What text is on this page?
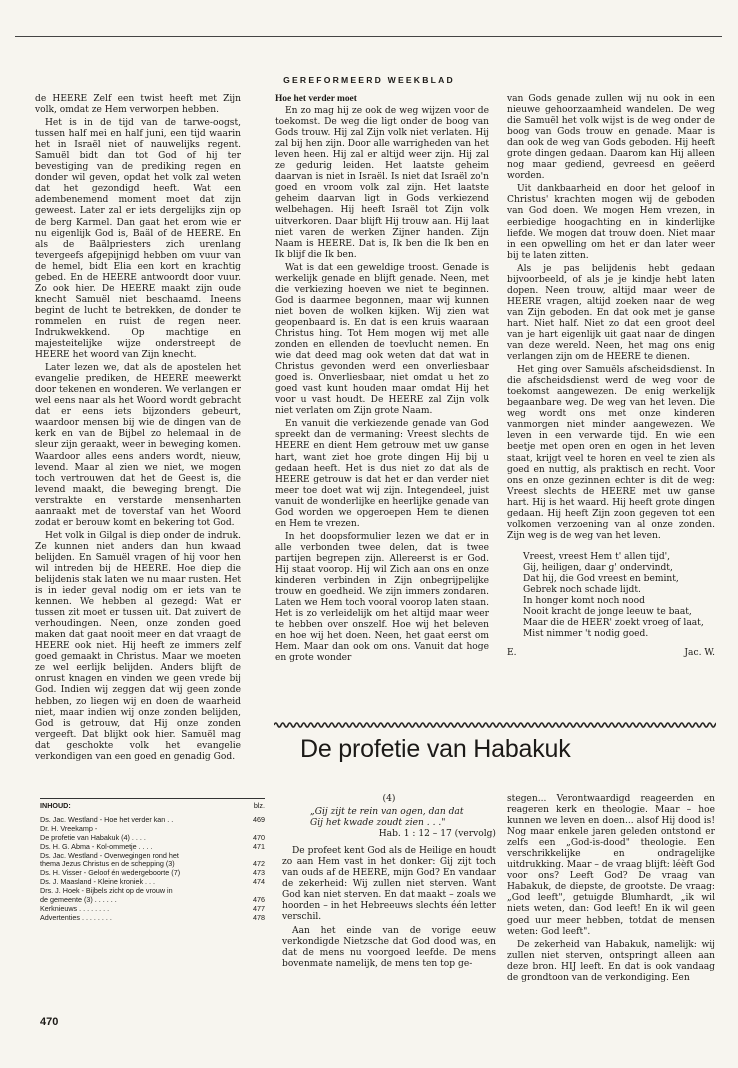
GEREFORMEERD WEEKBLAD

de HEERE Zelf een twist heeft met Zijn volk, omdat ze Hem verworpen hebben.

Het is in de tijd van de tarwe-oogst, tussen half mei en half juni, een tijd waarin het in Israël niet of nauwelijks regent. Samuël bidt dan tot God of hij ter bevestiging van de prediking regen en donder wil geven, opdat het volk zal weten dat het gezondigd heeft. Wat een adembenemend moment moet dat zijn geweest. Later zal er iets dergelijks zijn op de berg Karmel. Dan gaat het erom wie er nu eigenlijk God is, Baäl of de HEERE. En als de Baälpriesters zich urenlang tevergeefs afgepijnigd hebben om vuur van de hemel, bidt Elia een kort en krachtig gebed. En de HEERE antwoordt door vuur. Zo ook hier. De HEERE maakt zijn oude knecht Samuël niet beschaamd. Ineens begint de lucht te betrekken, de donder te rommelen en ruist de regen neer. Indrukwekkend. Op machtige en majesteitelijke wijze onderstreept de HEERE het woord van Zijn knecht.

Later lezen we, dat als de apostelen het evangelie prediken, de HEERE meewerkt door tekenen en wonderen. We verlangen er wel eens naar als het Woord wordt gebracht dat er eens iets bijzonders gebeurt, waardoor mensen bij wie de dingen van de kerk en van de Bijbel zo helemaal in de sleur zijn geraakt, weer in beweging komen. Waardoor alles eens anders wordt, nieuw, levend. Maar al zien we niet, we mogen toch vertrouwen dat het de Geest is, die levend maakt, die beweging brengt. Die verstrakte en verstarde mensenharten aanraakt met de toverstaf van het Woord zodat er berouw komt en bekering tot God.

Het volk in Gilgal is diep onder de indruk. Ze kunnen niet anders dan hun kwaad belijden. En Samuël vragen of hij voor hen wil intreden bij de HEERE. Hoe diep die belijdenis stak laten we nu maar rusten. Het is in ieder geval nodig om er iets van te kennen. We hebben al gezegd: Wat er tussen zit moet er tussen uit. Dat zuivert de verhoudingen. Neen, onze zonden goed maken dat gaat nooit meer en dat vraagt de HEERE ook niet. Hij heeft ze immers zelf goed gemaakt in Christus. Maar we moeten ze wel eerlijk belijden. Anders blijft de onrust knagen en vinden we geen vrede bij God. Indien wij zeggen dat wij geen zonde hebben, zo liegen wij en doen de waarheid niet, maar indien wij onze zonden belijden, God is getrouw, dat Hij onze zonden vergeeft. Dat blijkt ook hier. Samuël mag dat geschokte volk het evangelie verkondigen van een goed en genadig God.

Hoe het verder moet

En zo mag hij ze ook de weg wijzen voor de toekomst. De weg die ligt onder de boog van Gods trouw. Hij zal Zijn volk niet verlaten. Hij zal bij hen zijn. Door alle warrigheden van het leven heen. Hij zal er altijd weer zijn. Hij zal ze gedurig leiden. Het laatste geheim daarvan is niet in Israël. Is niet dat Israël zo'n goed en vroom volk zal zijn. Het laatste geheim daarvan ligt in Gods verkiezend welbehagen. Hij heeft Israël tot Zijn volk uitverkoren. Daar blijft Hij trouw aan. Hij laat niet varen de werken Zijner handen. Zijn Naam is HEERE. Dat is, Ik ben die Ik ben en Ik blijf die Ik ben.

Wat is dat een geweldige troost. Genade is werkelijk genade en blijft genade. Neen, met die verkiezing hoeven we niet te beginnen. God is daarmee begonnen, maar wij kunnen niet boven de wolken kijken. Wij zien wat geopenbaard is. En dat is een kruis waaraan Christus hing. Tot Hem mogen wij met alle zonden en ellenden de toevlucht nemen. En wie dat deed mag ook weten dat dat wat in Christus gevonden werd een onverliesbaar goed is. Onverliesbaar, niet omdat u het zo goed vast kunt houden maar omdat Hij het voor u vast houdt. De HEERE zal Zijn volk niet verlaten om Zijn grote Naam.

En vanuit die verkiezende genade van God spreekt dan de vermaning: Vreest slechts de HEERE en dient Hem getrouw met uw ganse hart, want ziet hoe grote dingen Hij bij u gedaan heeft. Het is dus niet zo dat als de HEERE getrouw is dat het er dan verder niet meer toe doet wat wij zijn. Integendeel, juist vanuit de wonderlijke en heerlijke genade van God worden we opgeroepen Hem te dienen en Hem te vrezen.

In het doopsformulier lezen we dat er in alle verbonden twee delen, dat is twee partijen begrepen zijn. Allereerst is er God. Hij staat voorop. Hij wil Zich aan ons en onze kinderen verbinden in Zijn onbegrijpelijke trouw en goedheid. We zijn immers zondaren. Laten we Hem toch vooral voorop laten staan. Het is zo verleidelijk om het altijd maar weer te hebben over onszelf. Hoe wij het beleven en hoe wij het doen. Neen, het gaat eerst om Hem. Maar dan ook om ons. Vanuit dat hoge en grote wonder

van Gods genade zullen wij nu ook in een nieuwe gehoorzaamheid wandelen. De weg die Samuël het volk wijst is de weg onder de boog van Gods trouw en genade. Maar is dan ook de weg van Gods geboden. Hij heeft grote dingen gedaan. Daarom kan Hij alleen nog maar gediend, gevreesd en geëerd worden.

Uit dankbaarheid en door het geloof in Christus' krachten mogen wij de geboden van God doen. We mogen Hem vrezen, in eerbiedige hoogachting en in kinderlijke liefde. We mogen dat trouw doen. Niet maar in een opwelling om het er dan later weer bij te laten zitten.

Als je pas belijdenis hebt gedaan bijvoorbeeld, of als je je kindje hebt laten dopen. Neen trouw, altijd maar weer de HEERE vragen, altijd zoeken naar de weg van Zijn geboden. En dat ook met je ganse hart. Niet half. Niet zo dat een groot deel van je hart eigenlijk uit gaat naar de dingen van deze wereld. Neen, het mag ons enig verlangen zijn om de HEERE te dienen.

Het ging over Samuëls afscheidsdienst. In die afscheidsdienst werd de weg voor de toekomst aangewezen. De enig werkelijk begaanbare weg. De weg van het leven. Die weg wordt ons met onze kinderen vanmorgen niet minder aangewezen. We leven in een verwarde tijd. En wie een beetje met open oren en ogen in het leven staat, krijgt veel te horen en veel te zien als goed en nuttig, als praktisch en recht. Voor ons en onze gezinnen echter is dit de weg: Vreest slechts de HEERE met uw ganse hart. Hij is het waard. Hij heeft grote dingen gedaan. Hij heeft Zijn zoon gegeven tot een volkomen verzoening van al onze zonden. Zijn weg is de weg van het leven.

Vreest, vreest Hem t' allen tijd',
Gij, heiligen, daar g' ondervindt,
Dat hij, die God vreest en bemint,
Gebrek noch schade lijdt.
In honger komt noch nood
Nooit kracht de jonge leeuw te baat,
Maar die de HEER' zoekt vroeg of laat,
Mist nimmer 't nodig goed.
E.	Jac. W.
INHOUD:	blz.
Ds. Jac. Westland - Hoe het verder kan . .	469
Dr. H. Vreekamp -
De profetie van Habakuk (4) . . . .	470
Ds. H. G. Abma - Kol-ommetje . . . .	471
Ds. Jac. Westland - Overwegingen rond het
thema Jezus Christus en de schepping (3)	472
Ds. H. Visser - Geloof én wedergeboorte (7)	473
Ds. J. Maasland - Kleine kroniek . . .	474
Drs. J. Hoek - Bijbels zicht op de vrouw in
de gemeente (3) . . . . . .	476
Kerknieuws . . . . . . . .	477
Advertenties . . . . . . . .	478
470
De profetie van Habakuk

(4)

„Gij zijt te rein van ogen, dan dat

Gij het kwade zoudt zien . . ."

Hab. 1 : 12 – 17 (vervolg)

De profeet kent God als de Heilige en houdt zo aan Hem vast in het donker: Gij zijt toch van ouds af de HEERE, mijn God? En vandaar de zekerheid: Wij zullen niet sterven. Want God kan niet sterven. En dat maakt – zoals we hoorden – in het Hebreeuws slechts één letter verschil.

Aan het einde van de vorige eeuw verkondigde Nietzsche dat God dood was, en dat de mens nu voorgoed leefde. De mens bovenmate namelijk, de mens ten top ge-

stegen... Verontwaardigd reageerden en reageren kerk en theologie. Maar – hoe kunnen we leven en doen... alsof Hij dood is! Nog maar enkele jaren geleden ontstond er zelfs een „God-is-dood" theologie. Een verschrikkelijke en ondragelijke uitdrukking. Maar – de vraag blijft: léèft God voor ons? Leeft God? De vraag van Habakuk, de diepste, de grootste. De vraag: „God leeft", getuigde Blumhardt, „ik wil niets weten, dan: God leeft! En ik wil geen goed uur meer hebben, totdat de mensen weten: God leeft".

De zekerheid van Habakuk, namelijk: wij zullen niet sterven, ontspringt alleen aan deze bron. HIJ leeft. En dat is ook vandaag de grondtoon van de verkondiging. Een
